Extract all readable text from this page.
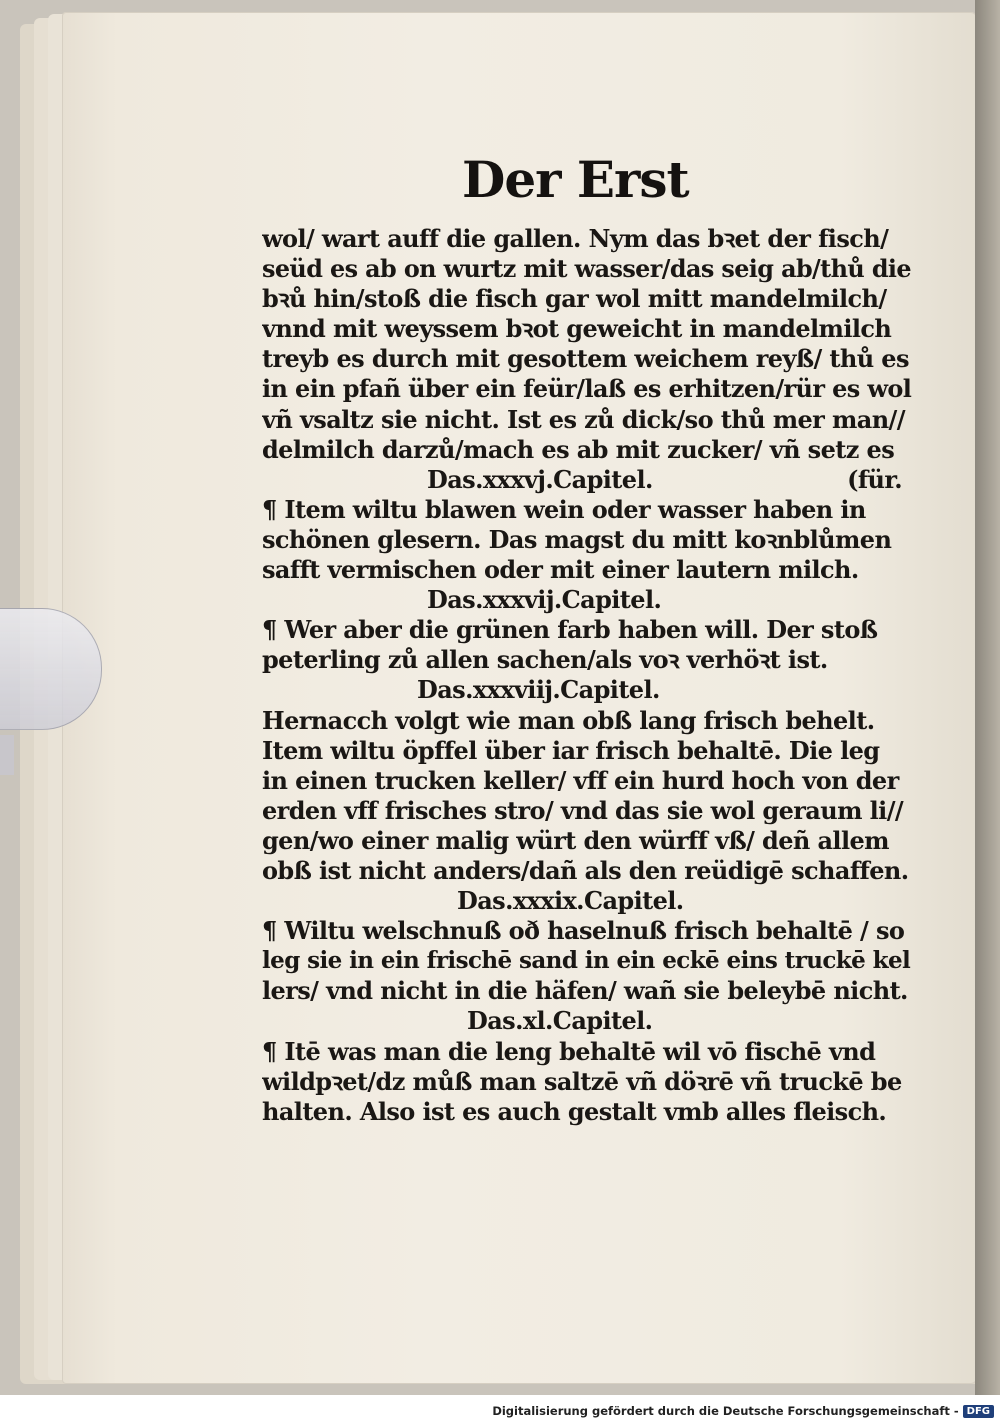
Der Erst
wol/ wart auff die gallen. Nym das bꝛet der fisch/
seüd es ab on wurtz mit wasser/das seig ab/thů die
bꝛů hin/stoß die fisch gar wol mitt mandelmilch/
vnnd mit weyssem bꝛot geweicht in mandelmilch
treyb es durch mit gesottem weichem reyß/ thů es
in ein pfañ über ein feür/laß es erhitzen/rür es wol
vñ vsaltz sie nicht. Ist es zů dick/so thů mer man//
delmilch darzů/mach es ab mit zucker/ vñ setz es
Das.xxxvj.Capitel.	(für.
¶ Item wiltu blawen wein oder wasser haben in
schönen glesern. Das magst du mitt koꝛnblůmen
safft vermischen oder mit einer lautern milch.
Das.xxxvij.Capitel.
¶ Wer aber die grünen farb haben will. Der stoß
peterling zů allen sachen/als voꝛ verhöꝛt ist.
Das.xxxviij.Capitel.
Hernacch volgt wie man obß lang frisch behelt.
Item wiltu öpffel über iar frisch behaltē. Die leg
in einen trucken keller/ vff ein hurd hoch von der
erden vff frisches stro/ vnd das sie wol geraum li//
gen/wo einer malig würt den würff vß/ deñ allem
obß ist nicht anders/dañ als den reüdigē schaffen.
Das.xxxix.Capitel.
¶ Wiltu welschnuß oð haselnuß frisch behaltē / so
leg sie in ein frischē sand in ein eckē eins truckē kel
lers/ vnd nicht in die häfen/ wañ sie beleybē nicht.
Das.xl.Capitel.
¶ Itē was man die leng behaltē wil vō fischē vnd
wildpꝛet/dz můß man saltzē vñ döꝛrē vñ truckē be
halten. Also ist es auch gestalt vmb alles fleisch.
Digitalisierung gefördert durch die Deutsche Forschungsgemeinschaft - DFG
